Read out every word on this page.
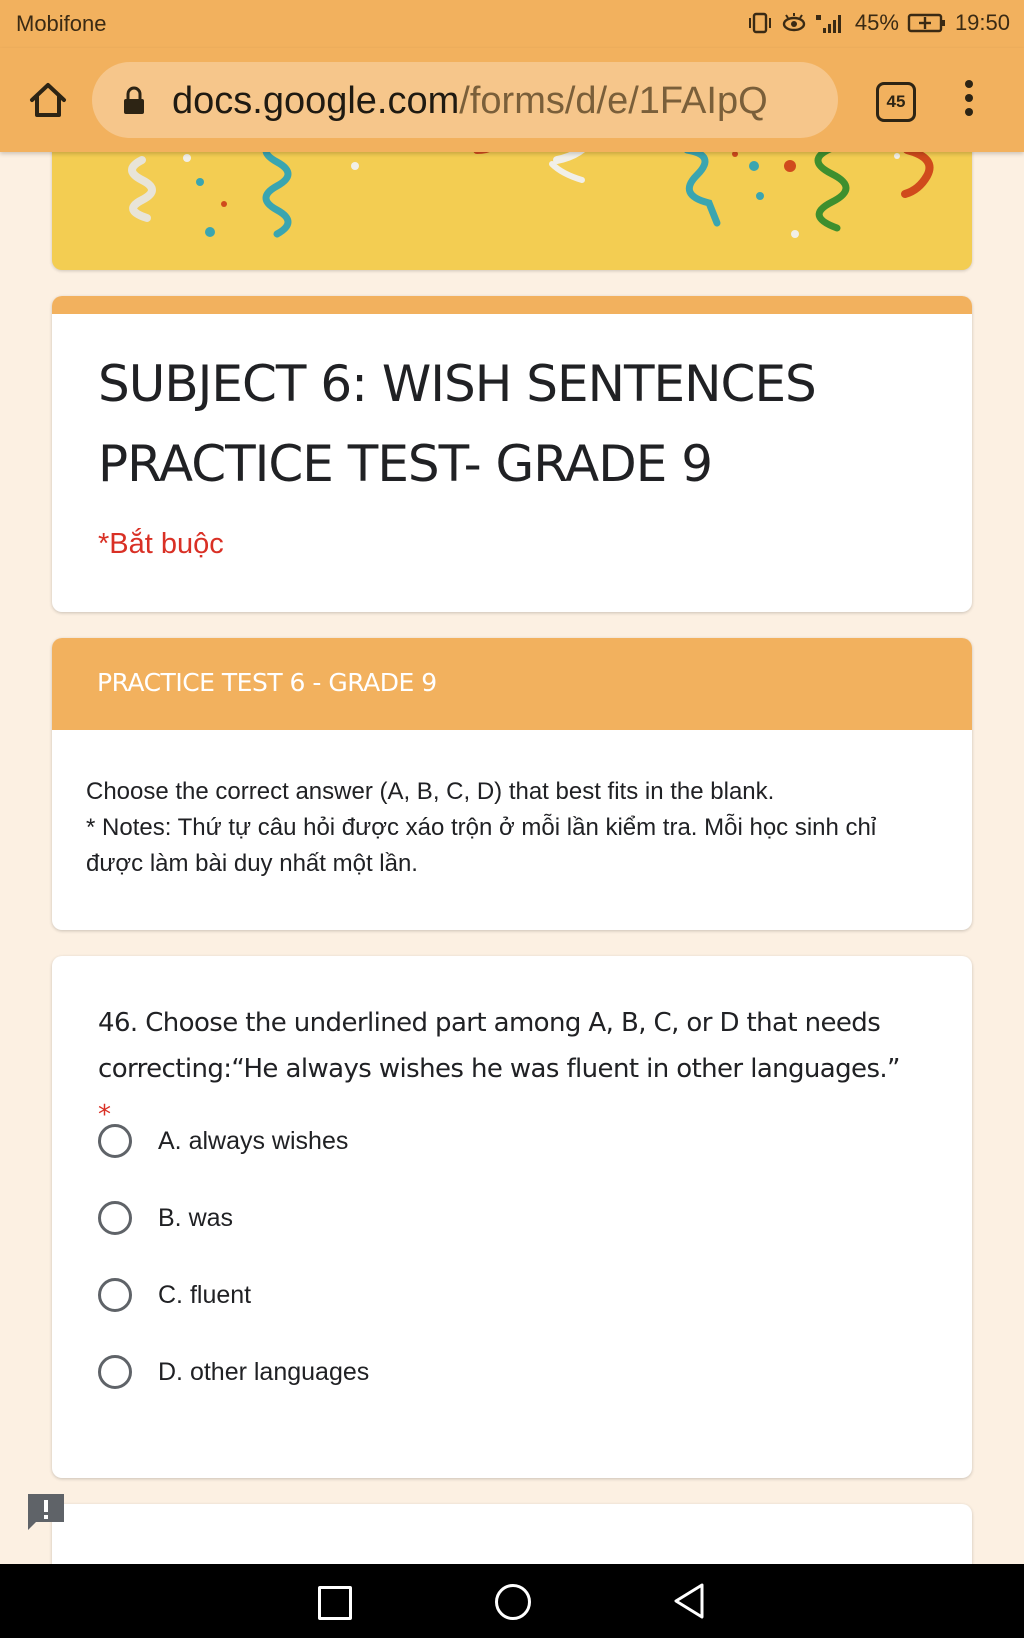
Mobifone	45%	19:50
docs.google.com/forms/d/e/1FAIpQ	45
SUBJECT 6: WISH SENTENCES PRACTICE TEST- GRADE 9
*Bắt buộc
PRACTICE TEST 6 - GRADE 9
Choose the correct answer (A, B, C, D) that best fits in the blank.
* Notes: Thứ tự câu hỏi được xáo trộn ở mỗi lần kiểm tra. Mỗi học sinh chỉ được làm bài duy nhất một lần.
46. Choose the underlined part among A, B, C, or D that needs correcting:“He always wishes he was fluent in other languages.” *
A. always wishes
B. was
C. fluent
D. other languages
